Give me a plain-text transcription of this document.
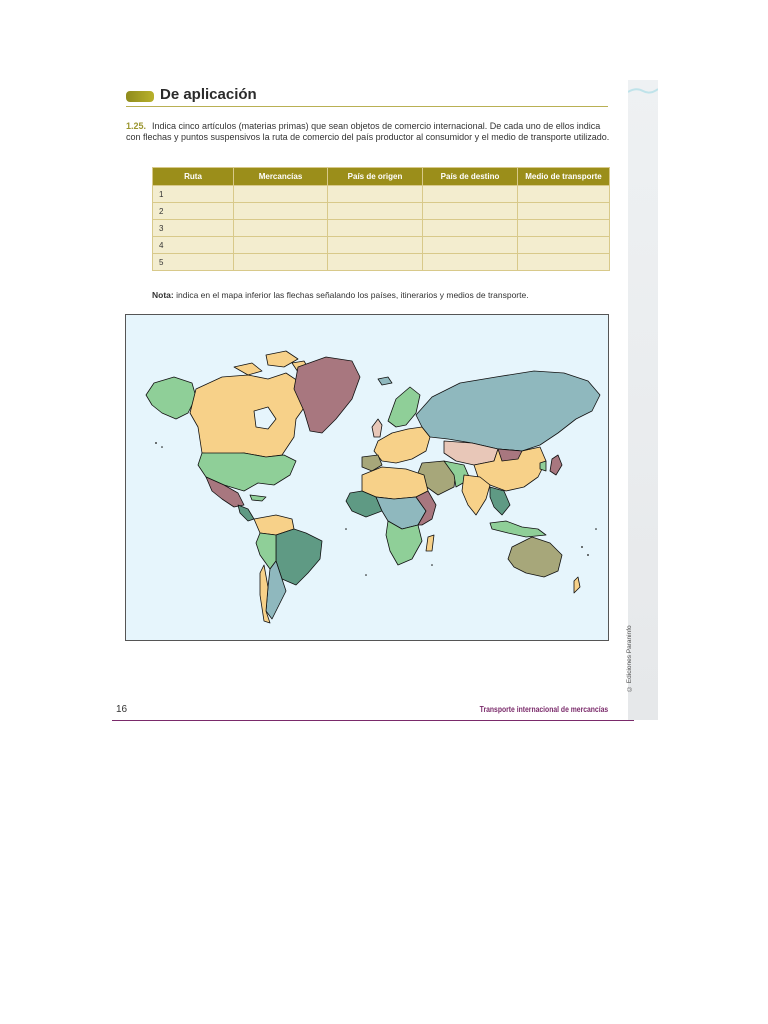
De aplicación
1.25. Indica cinco artículos (materias primas) que sean objetos de comercio internacional. De cada uno de ellos indica con flechas y puntos suspensivos la ruta de comercio del país productor al consumidor y el medio de transporte utilizado.
Ruta	Mercancías	País de origen	País de destino	Medio de transporte
1				
2				
3				
4				
5				
Nota: indica en el mapa inferior las flechas señalando los países, itinerarios y medios de transporte.
© Ediciones Paraninfo
16	Transporte internacional de mercancías
